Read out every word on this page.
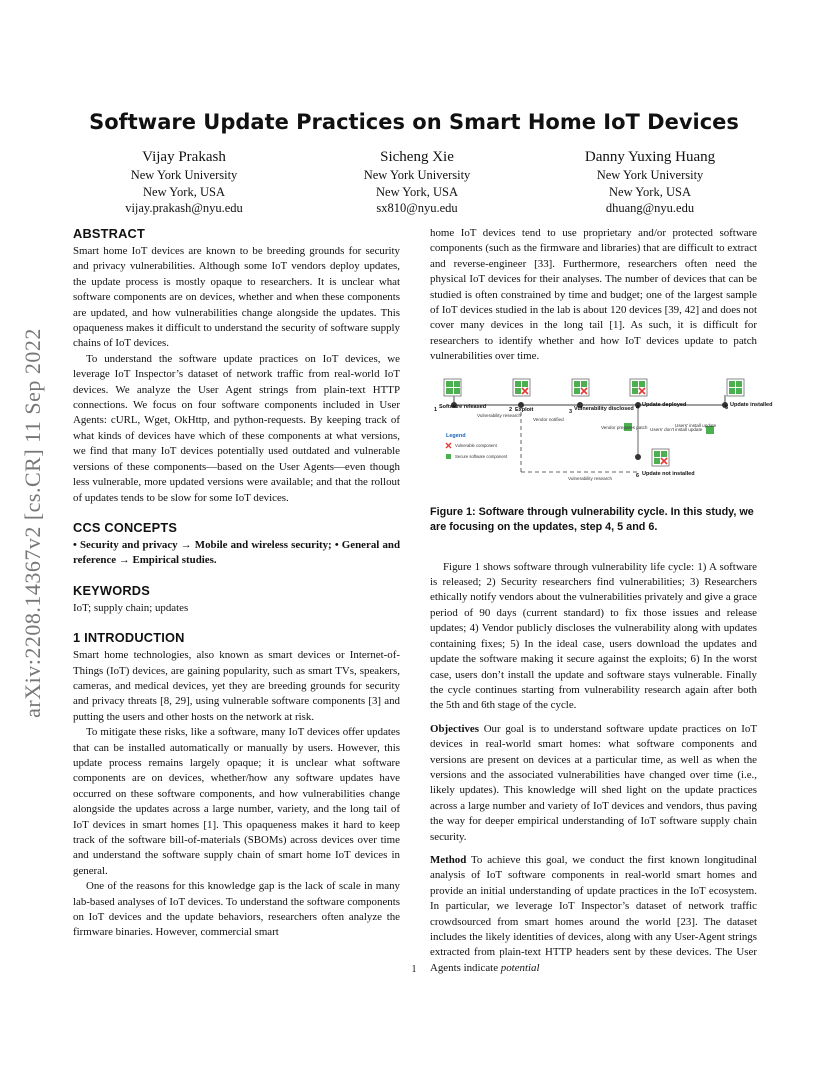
arXiv:2208.14367v2 [cs.CR] 11 Sep 2022
Software Update Practices on Smart Home IoT Devices
Vijay Prakash
New York University
New York, USA
vijay.prakash@nyu.edu
Sicheng Xie
New York University
New York, USA
sx810@nyu.edu
Danny Yuxing Huang
New York University
New York, USA
dhuang@nyu.edu
ABSTRACT

Smart home IoT devices are known to be breeding grounds for security and privacy vulnerabilities. Although some IoT vendors deploy updates, the update process is mostly opaque to researchers. It is unclear what software components are on devices, whether and when these components are updated, and how vulnerabilities change alongside the updates. This opaqueness makes it difficult to understand the security of software supply chains of IoT devices.

To understand the software update practices on IoT devices, we leverage IoT Inspector’s dataset of network traffic from real-world IoT devices. We analyze the User Agent strings from plain-text HTTP connections. We focus on four software components included in User Agents: cURL, Wget, OkHttp, and python-requests. By keeping track of what kinds of devices have which of these components at what versions, we find that many IoT devices potentially used outdated and vulnerable versions of these components—based on the User Agents—even though less vulnerable, more updated versions were available; and that the rollout of updates tends to be slow for some IoT devices.

CCS CONCEPTS

• Security and privacy → Mobile and wireless security; • General and reference → Empirical studies.

KEYWORDS

IoT; supply chain; updates

1 INTRODUCTION

Smart home technologies, also known as smart devices or Internet-of-Things (IoT) devices, are gaining popularity, such as smart TVs, speakers, cameras, and medical devices, yet they are breeding grounds for security and privacy threats [8, 29], using vulnerable software components [3] and putting the users and other hosts on the network at risk.

To mitigate these risks, like a software, many IoT devices offer updates that can be installed automatically or manually by users. However, this update process remains largely opaque; it is unclear what software components are on devices, whether/how any software updates have occurred on these software components, and how vulnerabilities change alongside the updates across a large number, variety, and the long tail of IoT devices in smart homes [1]. This opaqueness makes it hard to keep track of the software bill-of-materials (SBOMs) across devices over time and understand the software supply chain of smart home IoT devices in general.

One of the reasons for this knowledge gap is the lack of scale in many lab-based analyses of IoT devices. To understand the software components on IoT devices and the update behaviors, researchers often analyze the firmware binaries. However, commercial smart

home IoT devices tend to use proprietary and/or protected software components (such as the firmware and libraries) that are difficult to extract and reverse-engineer [33]. Furthermore, researchers often need the physical IoT devices for their analyses. The number of devices that can be studied is often constrained by time and budget; one of the largest sample of IoT devices studied in the lab is about 120 devices [39, 42] and does not cover many devices in the long tail [1]. As such, it is difficult for researchers to identify whether and how IoT devices update to patch vulnerabilities over time.

1 Software released	2 Exploit	3 Vulnerability disclosed 4 Update deployed	5 Update installed
6 Update not installed
Vulnerability research
Vendor notified
Vendor prepares patch Users' don't install update
Users' install update
Vulnerability research
Legend
Vulnerable component
Secure software component
Figure 1: Software through vulnerability cycle. In this study, we are focusing on the updates, step 4, 5 and 6.

Figure 1 shows software through vulnerability life cycle: 1) A software is released; 2) Security researchers find vulnerabilities; 3) Researchers ethically notify vendors about the vulnerabilities privately and give a grace period of 90 days (current standard) to fix those issues and release updates; 4) Vendor publicly discloses the vulnerability along with updates containing fixes; 5) In the ideal case, users download the updates and update the software making it secure against the exploits; 6) In the worst case, users don’t install the update and software stays vulnerable. Finally the cycle continues starting from vulnerability research again after both the 5th and 6th stage of the cycle.

Objectives Our goal is to understand software update practices on IoT devices in real-world smart homes: what software components and versions are present on devices at a particular time, as well as when the versions and the associated vulnerabilities have changed over time (i.e., likely updates). This knowledge will shed light on the update practices across a large number and variety of IoT devices and vendors, thus paving the way for deeper empirical understanding of IoT software supply chain security.

Method To achieve this goal, we conduct the first known longitudinal analysis of IoT software components in real-world smart homes and provide an initial understanding of update practices in the IoT ecosystem. In particular, we leverage IoT Inspector’s dataset of network traffic crowdsourced from smart homes around the world [23]. The dataset includes the likely identities of devices, along with any User-Agent strings extracted from plain-text HTTP headers sent by these devices. The User Agents indicate potential

1
